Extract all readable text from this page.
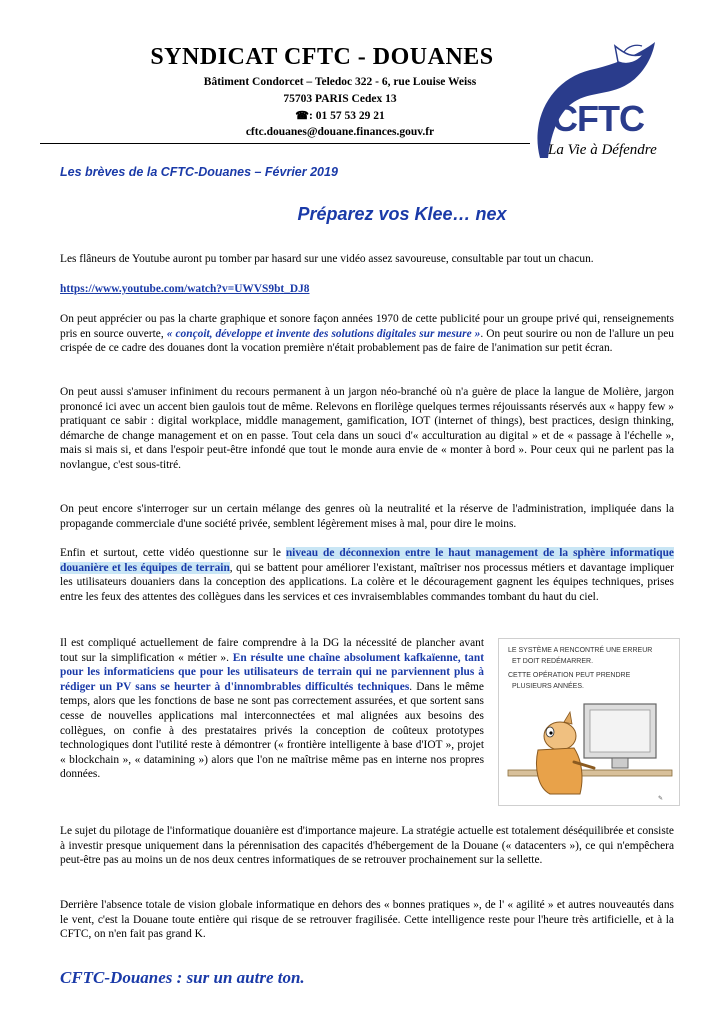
SYNDICAT CFTC - DOUANES
Bâtiment Condorcet – Teledoc 322 - 6, rue Louise Weiss
75703 PARIS Cedex 13
☎: 01 57 53 29 21
cftc.douanes@douane.finances.gouv.fr	CFTC
La Vie à Défendre
Les brèves de la CFTC-Douanes – Février 2019
Préparez vos Klee… nex
Les flâneurs de Youtube auront pu tomber par hasard sur une vidéo assez savoureuse, consultable par tout un chacun.
https://www.youtube.com/watch?v=UWVS9bt_DJ8
On peut apprécier ou pas la charte graphique et sonore façon années 1970 de cette publicité pour un groupe privé qui, renseignements pris en source ouverte, « conçoit, développe et invente des solutions digitales sur mesure ». On peut sourire ou non de l'allure un peu crispée de ce cadre des douanes dont la vocation première n'était probablement pas de faire de l'animation sur petit écran.
On peut aussi s'amuser infiniment du recours permanent à un jargon néo-branché où n'a guère de place la langue de Molière, jargon prononcé ici avec un accent bien gaulois tout de même. Relevons en florilège quelques termes réjouissants réservés aux « happy few » pratiquant ce sabir : digital workplace, middle management, gamification, IOT (internet of things), best practices, design thinking, démarche de change management et on en passe. Tout cela dans un souci d'« acculturation au digital » et de « passage à l'échelle », mais si mais si, et dans l'espoir peut-être infondé que tout le monde aura envie de « monter à bord ». Pour ceux qui ne parlent pas la novlangue, c'est sous-titré.
On peut encore s'interroger sur un certain mélange des genres où la neutralité et la réserve de l'administration, impliquée dans la propagande commerciale d'une société privée, semblent légèrement mises à mal, pour dire le moins.
Enfin et surtout, cette vidéo questionne sur le niveau de déconnexion entre le haut management de la sphère informatique douanière et les équipes de terrain, qui se battent pour améliorer l'existant, maîtriser nos processus métiers et davantage impliquer les utilisateurs douaniers dans la conception des applications. La colère et le découragement gagnent les équipes techniques, prises entre les feux des attentes des collègues dans les services et ces invraisemblables commandes tombant du haut du ciel.
Il est compliqué actuellement de faire comprendre à la DG la nécessité de plancher avant tout sur la simplification « métier ». En résulte une chaîne absolument kafkaïenne, tant pour les informaticiens que pour les utilisateurs de terrain qui ne parviennent plus à rédiger un PV sans se heurter à d'innombrables difficultés techniques. Dans le même temps, alors que les fonctions de base ne sont pas correctement assurées, et que sortent sans cesse de nouvelles applications mal interconnectées et mal alignées aux besoins des collègues, on confie à des prestataires privés la conception de coûteux prototypes technologiques dont l'utilité reste à démontrer (« frontière intelligente à base d'IOT », projet « blockchain », « datamining ») alors que l'on ne maîtrise même pas en interne nos propres données.
LE SYSTÈME A RENCONTRÉ UNE ERREUR
ET DOIT REDÉMARRER.
CETTE OPÉRATION PEUT PRENDRE
PLUSIEURS ANNÉES.
✎
Le sujet du pilotage de l'informatique douanière est d'importance majeure. La stratégie actuelle est totalement déséquilibrée et consiste à investir presque uniquement dans la pérennisation des capacités d'hébergement de la Douane (« datacenters »), ce qui n'empêchera peut-être pas au moins un de nos deux centres informatiques de se retrouver prochainement sur la sellette.
Derrière l'absence totale de vision globale informatique en dehors des « bonnes pratiques », de l' « agilité » et autres nouveautés dans le vent, c'est la Douane toute entière qui risque de se retrouver fragilisée. Cette intelligence reste pour l'heure très artificielle, et à la CFTC, on n'en fait pas grand K.
CFTC-Douanes : sur un autre ton.
